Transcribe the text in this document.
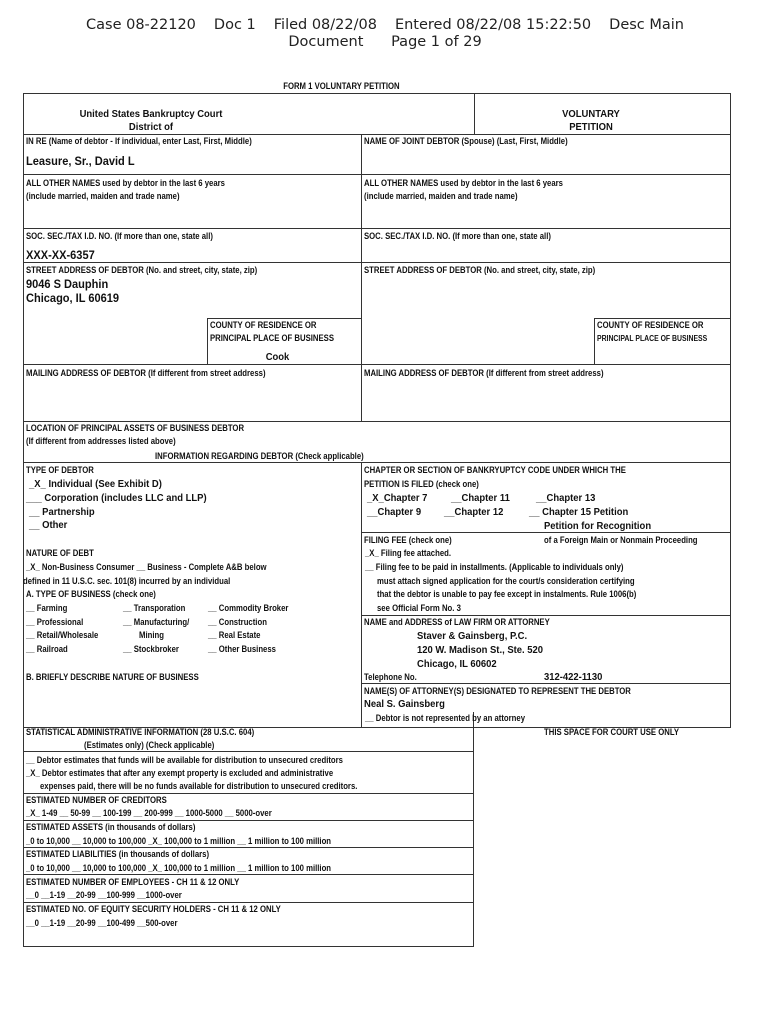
Case 08-22120 Doc 1 Filed 08/22/08 Entered 08/22/08 15:22:50 Desc Main
Document Page 1 of 29
FORM 1 VOLUNTARY PETITION
United States Bankruptcy Court
District of
VOLUNTARY
PETITION
IN RE (Name of debtor - If individual, enter Last, First, Middle)
Leasure, Sr., David L
NAME OF JOINT DEBTOR (Spouse) (Last, First, Middle)
ALL OTHER NAMES used by debtor in the last 6 years
(include married, maiden and trade name)
ALL OTHER NAMES used by debtor in the last 6 years
(include married, maiden and trade name)
SOC. SEC./TAX I.D. NO. (If more than one, state all)
XXX-XX-6357
SOC. SEC./TAX I.D. NO. (If more than one, state all)
STREET ADDRESS OF DEBTOR (No. and street, city, state, zip)
9046 S Dauphin
Chicago, IL 60619
STREET ADDRESS OF DEBTOR (No. and street, city, state, zip)
COUNTY OF RESIDENCE OR
PRINCIPAL PLACE OF BUSINESS
Cook
COUNTY OF RESIDENCE OR
PRINCIPAL PLACE OF BUSINESS
MAILING ADDRESS OF DEBTOR (If different from street address)	MAILING ADDRESS OF DEBTOR (If different from street address)
LOCATION OF PRINCIPAL ASSETS OF BUSINESS DEBTOR
(If different from addresses listed above)
INFORMATION REGARDING DEBTOR (Check applicable)
TYPE OF DEBTOR
_X_ Individual (See Exhibit D)
___ Corporation (includes LLC and LLP)
__ Partnership
__ Other
NATURE OF DEBT
_X_ Non-Business Consumer __ Business - Complete A&B below
defined in 11 U.S.C. sec. 101(8) incurred by an individual
A. TYPE OF BUSINESS (check one)
__ Farming
__ Professional
__ Retail/Wholesale
__ Railroad
__ Transporation
__ Manufacturing/
Mining
__ Stockbroker
__ Commodity Broker
__ Construction
__ Real Estate
__ Other Business
B. BRIEFLY DESCRIBE NATURE OF BUSINESS
CHAPTER OR SECTION OF BANKRYUPTCY CODE UNDER WHICH THE
PETITION IS FILED (check one)
_X_Chapter 7 __Chapter 11 __Chapter 13
__Chapter 9 __Chapter 12 __ Chapter 15 Petition
Petition for Recognition
of a Foreign Main or Nonmain Proceeding
FILING FEE (check one)
_X_ Filing fee attached.
__ Filing fee to be paid in installments. (Applicable to individuals only)
must attach signed application for the court/s consideration certifying
that the debtor is unable to pay fee except in instalments. Rule 1006(b)
see Official Form No. 3
NAME and ADDRESS of LAW FIRM OR ATTORNEY
Staver & Gainsberg, P.C.
120 W. Madison St., Ste. 520
Chicago, IL 60602
Telephone No.	312-422-1130
NAME(S) OF ATTORNEY(S) DESIGNATED TO REPRESENT THE DEBTOR
Neal S. Gainsberg
__ Debtor is not represented by an attorney
STATISTICAL ADMINISTRATIVE INFORMATION (28 U.S.C. 604)
(Estimates only) (Check applicable)
THIS SPACE FOR COURT USE ONLY
__ Debtor estimates that funds will be available for distribution to unsecured creditors
_X_ Debtor estimates that after any exempt property is excluded and administrative
expenses paid, there will be no funds available for distribution to unsecured creditors.
ESTIMATED NUMBER OF CREDITORS
_X_ 1-49 __ 50-99 __ 100-199 __ 200-999 __ 1000-5000 __ 5000-over
ESTIMATED ASSETS (in thousands of dollars)
_0 to 10,000 __ 10,000 to 100,000 _X_ 100,000 to 1 million __ 1 million to 100 million
ESTIMATED LIABILITIES (in thousands of dollars)
_0 to 10,000 __ 10,000 to 100,000 _X_ 100,000 to 1 million __ 1 million to 100 million
ESTIMATED NUMBER OF EMPLOYEES - CH 11 & 12 ONLY
__0 __1-19 __20-99 __100-999 __1000-over
ESTIMATED NO. OF EQUITY SECURITY HOLDERS - CH 11 & 12 ONLY
__0 __1-19 __20-99 __100-499 __500-over
